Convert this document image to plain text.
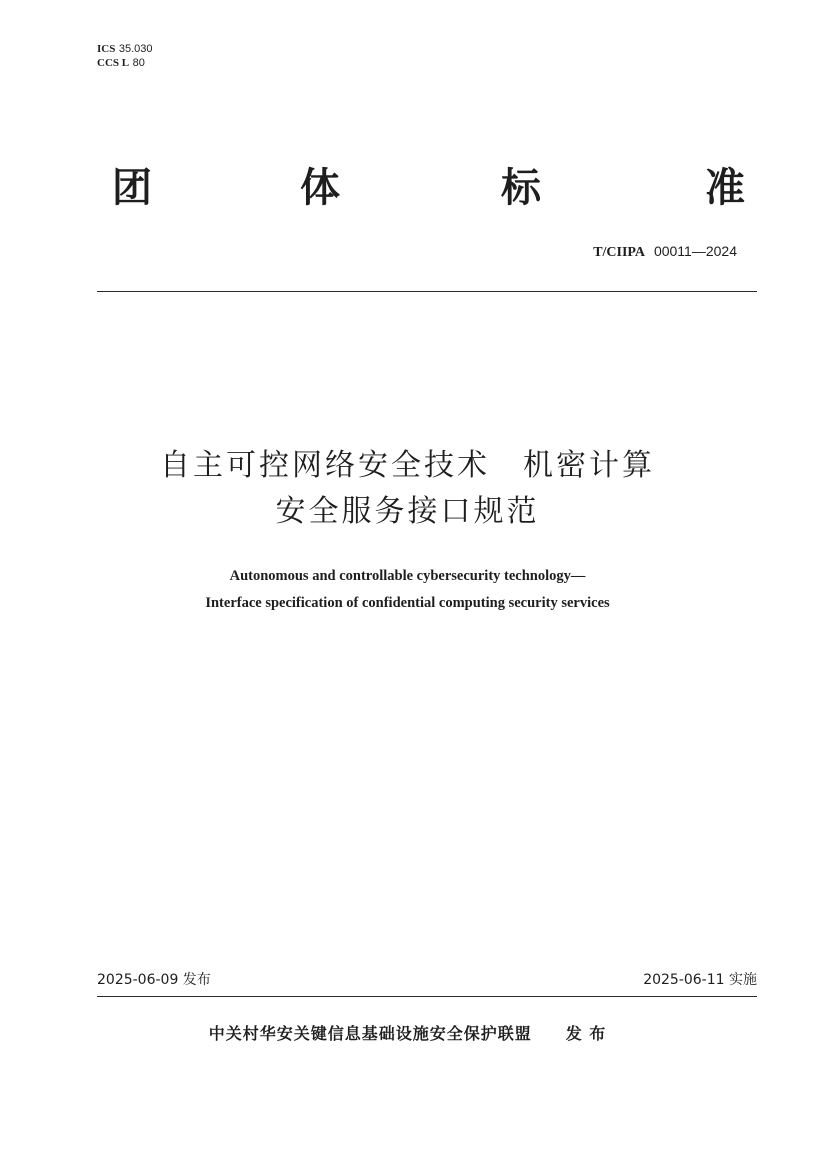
ICS 35.030
CCS L 80
团	体	标	准
T/CIIPA 00011—2024
自主可控网络安全技术　机密计算
安全服务接口规范
Autonomous and controllable cybersecurity technology—
Interface specification of confidential computing security services
2025-06-09 发布	2025-06-11 实施
中关村华安关键信息基础设施安全保护联盟 发 布
